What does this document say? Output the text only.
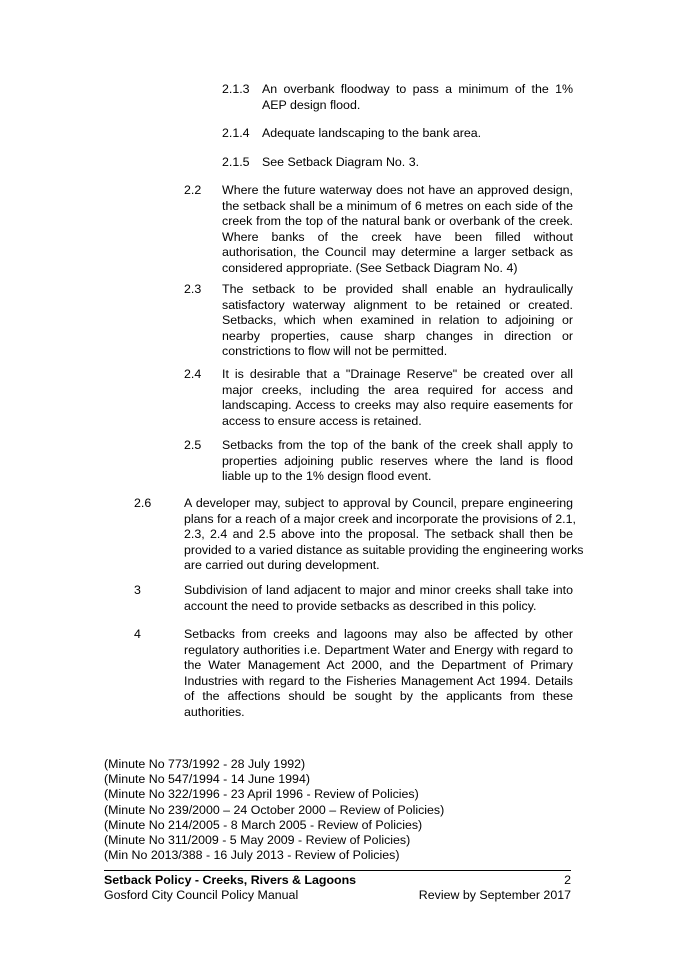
2.1.3 An overbank floodway to pass a minimum of the 1%
AEP design flood.
2.1.4 Adequate landscaping to the bank area.
2.1.5 See Setback Diagram No. 3.
2.2 Where the future waterway does not have an approved design,
the setback shall be a minimum of 6 metres on each side of the
creek from the top of the natural bank or overbank of the creek.
Where banks of the creek have been filled without
authorisation, the Council may determine a larger setback as
considered appropriate. (See Setback Diagram No. 4)
2.3 The setback to be provided shall enable an hydraulically
satisfactory waterway alignment to be retained or created.
Setbacks, which when examined in relation to adjoining or
nearby properties, cause sharp changes in direction or
constrictions to flow will not be permitted.
2.4 It is desirable that a "Drainage Reserve" be created over all
major creeks, including the area required for access and
landscaping. Access to creeks may also require easements for
access to ensure access is retained.
2.5 Setbacks from the top of the bank of the creek shall apply to
properties adjoining public reserves where the land is flood
liable up to the 1% design flood event.
2.6	A developer may, subject to approval by Council, prepare engineering
plans for a reach of a major creek and incorporate the provisions of 2.1,
2.3, 2.4 and 2.5 above into the proposal. The setback shall then be
provided to a varied distance as suitable providing the engineering works
are carried out during development.
3	Subdivision of land adjacent to major and minor creeks shall take into
account the need to provide setbacks as described in this policy.
4	Setbacks from creeks and lagoons may also be affected by other
regulatory authorities i.e. Department Water and Energy with regard to
the Water Management Act 2000, and the Department of Primary
Industries with regard to the Fisheries Management Act 1994. Details
of the affections should be sought by the applicants from these
authorities.
(Minute No 773/1992 - 28 July 1992)
(Minute No 547/1994 - 14 June 1994)
(Minute No 322/1996 - 23 April 1996 - Review of Policies)
(Minute No 239/2000 – 24 October 2000 – Review of Policies)
(Minute No 214/2005 - 8 March 2005 - Review of Policies)
(Minute No 311/2009 - 5 May 2009 - Review of Policies)
(Min No 2013/388 - 16 July 2013 - Review of Policies)
Setback Policy - Creeks, Rivers & Lagoons	2
Gosford City Council Policy Manual	Review by September 2017
